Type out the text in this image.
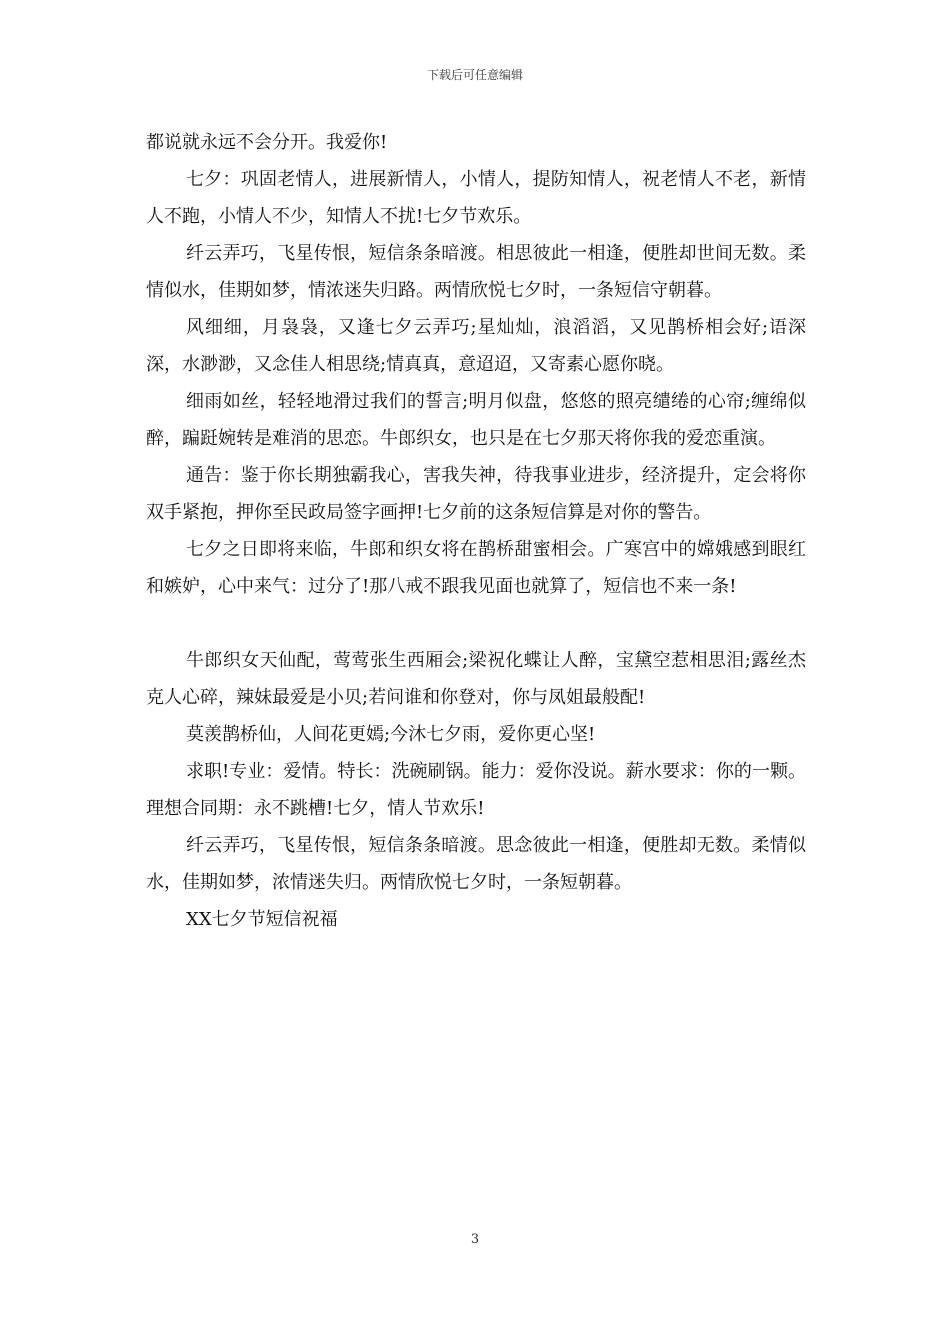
下载后可任意编辑

都说就永远不会分开。我爱你!

七夕：巩固老情人，进展新情人，小情人，提防知情人，祝老情人不老，新情人不跑，小情人不少，知情人不扰!七夕节欢乐。

纤云弄巧，飞星传恨，短信条条暗渡。相思彼此一相逢，便胜却世间无数。柔情似水，佳期如梦，情浓迷失归路。两情欣悦七夕时，一条短信守朝暮。

风细细，月袅袅，又逢七夕云弄巧;星灿灿，浪滔滔，又见鹊桥相会好;语深深，水渺渺，又念佳人相思绕;情真真，意迢迢，又寄素心愿你晓。

细雨如丝，轻轻地滑过我们的誓言;明月似盘，悠悠的照亮缱绻的心帘;缠绵似醉，蹁跹婉转是难消的思恋。牛郎织女，也只是在七夕那天将你我的爱恋重演。

通告：鉴于你长期独霸我心，害我失神，待我事业进步，经济提升，定会将你双手紧抱，押你至民政局签字画押!七夕前的这条短信算是对你的警告。

七夕之日即将来临，牛郎和织女将在鹊桥甜蜜相会。广寒宫中的嫦娥感到眼红和嫉妒，心中来气：过分了!那八戒不跟我见面也就算了，短信也不来一条!

牛郎织女天仙配，莺莺张生西厢会;梁祝化蝶让人醉，宝黛空惹相思泪;露丝杰克人心碎，辣妹最爱是小贝;若问谁和你登对，你与凤姐最般配!

莫羡鹊桥仙，人间花更嫣;今沐七夕雨，爱你更心坚!

求职!专业：爱情。特长：洗碗刷锅。能力：爱你没说。薪水要求：你的一颗。理想合同期：永不跳槽!七夕，情人节欢乐!

纤云弄巧，飞星传恨，短信条条暗渡。思念彼此一相逢，便胜却无数。柔情似水，佳期如梦，浓情迷失归。两情欣悦七夕时，一条短朝暮。

XX七夕节短信祝福

3
